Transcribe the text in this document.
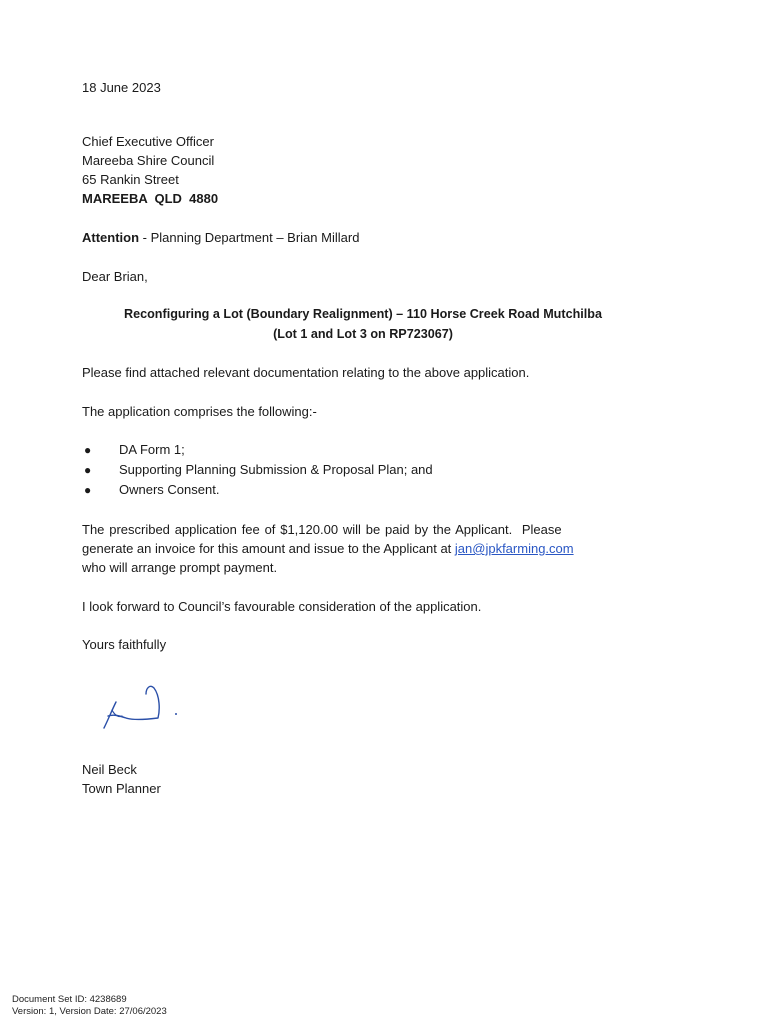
18 June 2023
Chief Executive Officer
Mareeba Shire Council
65 Rankin Street
MAREEBA  QLD  4880
Attention - Planning Department – Brian Millard
Dear Brian,
Reconfiguring a Lot (Boundary Realignment) – 110 Horse Creek Road Mutchilba
(Lot 1 and Lot 3 on RP723067)
Please find attached relevant documentation relating to the above application.
The application comprises the following:-
● DA Form 1;
● Supporting Planning Submission & Proposal Plan; and
● Owners Consent.
The prescribed application fee of $1,120.00 will be paid by the Applicant.  Please
generate an invoice for this amount and issue to the Applicant at jan@jpkfarming.com
who will arrange prompt payment.
I look forward to Council’s favourable consideration of the application.
Yours faithfully
Neil Beck
Town Planner
Document Set ID: 4238689
Version: 1, Version Date: 27/06/2023
